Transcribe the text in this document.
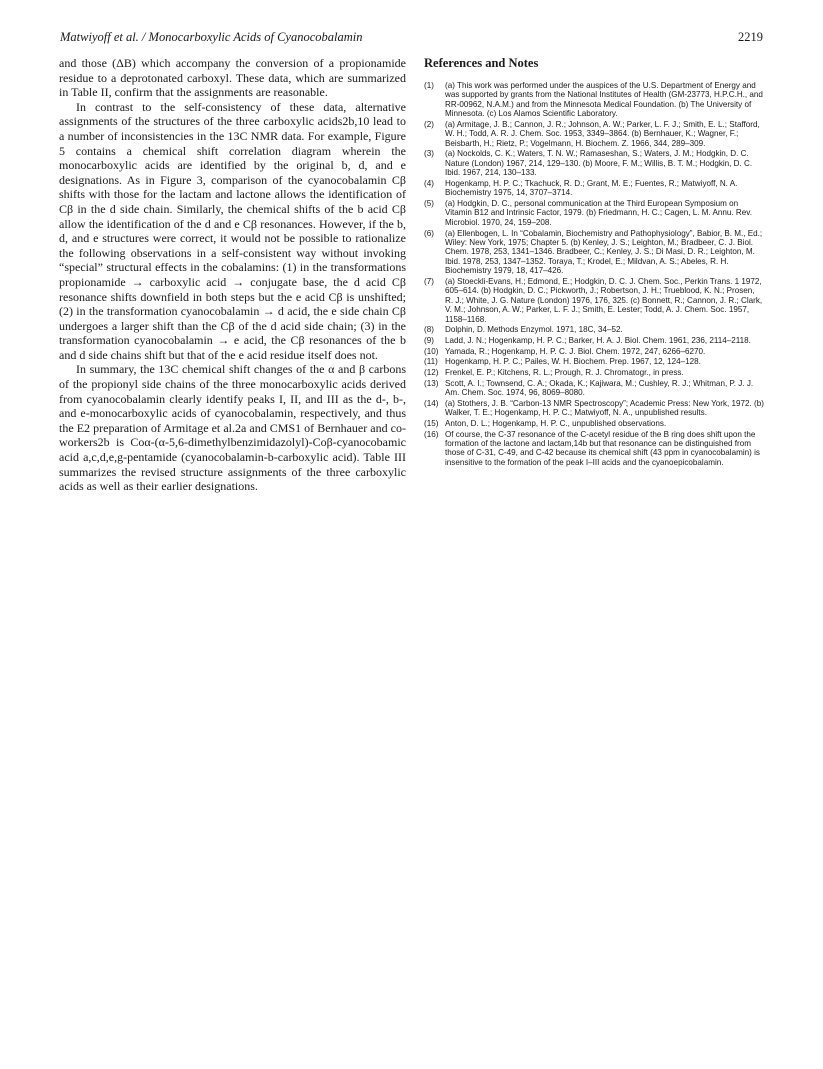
Matwiyoff et al. / Monocarboxylic Acids of Cyanocobalamin	2219

and those (ΔB) which accompany the conversion of a propionamide residue to a deprotonated carboxyl. These data, which are summarized in Table II, confirm that the assignments are reasonable.

In contrast to the self-consistency of these data, alternative assignments of the structures of the three carboxylic acids2b,10 lead to a number of inconsistencies in the 13C NMR data. For example, Figure 5 contains a chemical shift correlation diagram wherein the monocarboxylic acids are identified by the original b, d, and e designations. As in Figure 3, comparison of the cyanocobalamin Cβ shifts with those for the lactam and lactone allows the identification of Cβ in the d side chain. Similarly, the chemical shifts of the b acid Cβ allow the identification of the d and e Cβ resonances. However, if the b, d, and e structures were correct, it would not be possible to rationalize the following observations in a self-consistent way without invoking “special” structural effects in the cobalamins: (1) in the transformations propionamide → carboxylic acid → conjugate base, the d acid Cβ resonance shifts downfield in both steps but the e acid Cβ is unshifted; (2) in the transformation cyanocobalamin → d acid, the e side chain Cβ undergoes a larger shift than the Cβ of the d acid side chain; (3) in the transformation cyanocobalamin → e acid, the Cβ resonances of the b and d side chains shift but that of the e acid residue itself does not.

In summary, the 13C chemical shift changes of the α and β carbons of the propionyl side chains of the three monocarboxylic acids derived from cyanocobalamin clearly identify peaks I, II, and III as the d-, b-, and e-monocarboxylic acids of cyanocobalamin, respectively, and thus the E2 preparation of Armitage et al.2a and CMS1 of Bernhauer and co-workers2b is Coα-(α-5,6-dimethylbenzimidazolyl)-Coβ-cyanocobamic acid a,c,d,e,g-pentamide (cyanocobalamin-b-carboxylic acid). Table III summarizes the revised structure assignments of the three carboxylic acids as well as their earlier designations.

References and Notes
(1)	(a) This work was performed under the auspices of the U.S. Department of Energy and was supported by grants from the National Institutes of Health (GM-23773, H.P.C.H., and RR-00962, N.A.M.) and from the Minnesota Medical Foundation. (b) The University of Minnesota. (c) Los Alamos Scientific Laboratory.
(2)	(a) Armitage, J. B.; Cannon, J. R.; Johnson, A. W.; Parker, L. F. J.; Smith, E. L.; Stafford, W. H.; Todd, A. R. J. Chem. Soc. 1953, 3349–3864. (b) Bernhauer, K.; Wagner, F.; Beisbarth, H.; Rietz, P.; Vogelmann, H. Biochem. Z. 1966, 344, 289–309.
(3)	(a) Nockolds, C. K.; Waters, T. N. W.; Ramaseshan, S.; Waters, J. M.; Hodgkin, D. C. Nature (London) 1967, 214, 129–130. (b) Moore, F. M.; Willis, B. T. M.; Hodgkin, D. C. Ibid. 1967, 214, 130–133.
(4)	Hogenkamp, H. P. C.; Tkachuck, R. D.; Grant, M. E.; Fuentes, R.; Matwiyoff, N. A. Biochemistry 1975, 14, 3707–3714.
(5)	(a) Hodgkin, D. C., personal communication at the Third European Symposium on Vitamin B12 and Intrinsic Factor, 1979. (b) Friedmann, H. C.; Cagen, L. M. Annu. Rev. Microbiol. 1970, 24, 159–208.
(6)	(a) Ellenbogen, L. In “Cobalamin, Biochemistry and Pathophysiology”, Babior, B. M., Ed.; Wiley: New York, 1975; Chapter 5. (b) Kenley, J. S.; Leighton, M.; Bradbeer, C. J. Biol. Chem. 1978, 253, 1341–1346. Bradbeer, C.; Kenley, J. S.; Di Masi, D. R.; Leighton, M. Ibid. 1978, 253, 1347–1352. Toraya, T.; Krodel, E.; Mildvan, A. S.; Abeles, R. H. Biochemistry 1979, 18, 417–426.
(7)	(a) Stoeckli-Evans, H.; Edmond, E.; Hodgkin, D. C. J. Chem. Soc., Perkin Trans. 1 1972, 605–614. (b) Hodgkin, D. C.; Pickworth, J.; Robertson, J. H.; Trueblood, K. N.; Prosen, R. J.; White, J. G. Nature (London) 1976, 176, 325. (c) Bonnett, R.; Cannon, J. R.; Clark, V. M.; Johnson, A. W.; Parker, L. F. J.; Smith, E. Lester; Todd, A. J. Chem. Soc. 1957, 1158–1168.
(8)	Dolphin, D. Methods Enzymol. 1971, 18C, 34–52.
(9)	Ladd, J. N.; Hogenkamp, H. P. C.; Barker, H. A. J. Biol. Chem. 1961, 236, 2114–2118.
(10) Yamada, R.; Hogenkamp, H. P. C. J. Biol. Chem. 1972, 247, 6266–6270.
(11) Hogenkamp, H. P. C.; Pailes, W. H. Biochem. Prep. 1967, 12, 124–128.
(12) Frenkel, E. P.; Kitchens, R. L.; Prough, R. J. Chromatogr., in press.
(13) Scott, A. I.; Townsend, C. A.; Okada, K.; Kajiwara, M.; Cushley, R. J.; Whitman, P. J. J. Am. Chem. Soc. 1974, 96, 8069–8080.
(14) (a) Stothers, J. B. “Carbon-13 NMR Spectroscopy”; Academic Press: New York, 1972. (b) Walker, T. E.; Hogenkamp, H. P. C.; Matwiyoff, N. A., unpublished results.
(15) Anton, D. L.; Hogenkamp, H. P. C., unpublished observations.
(16) Of course, the C-37 resonance of the C-acetyl residue of the B ring does shift upon the formation of the lactone and lactam,14b but that resonance can be distinguished from those of C-31, C-49, and C-42 because its chemical shift (43 ppm in cyanocobalamin) is insensitive to the formation of the peak I–III acids and the cyanoepicobalamin.
